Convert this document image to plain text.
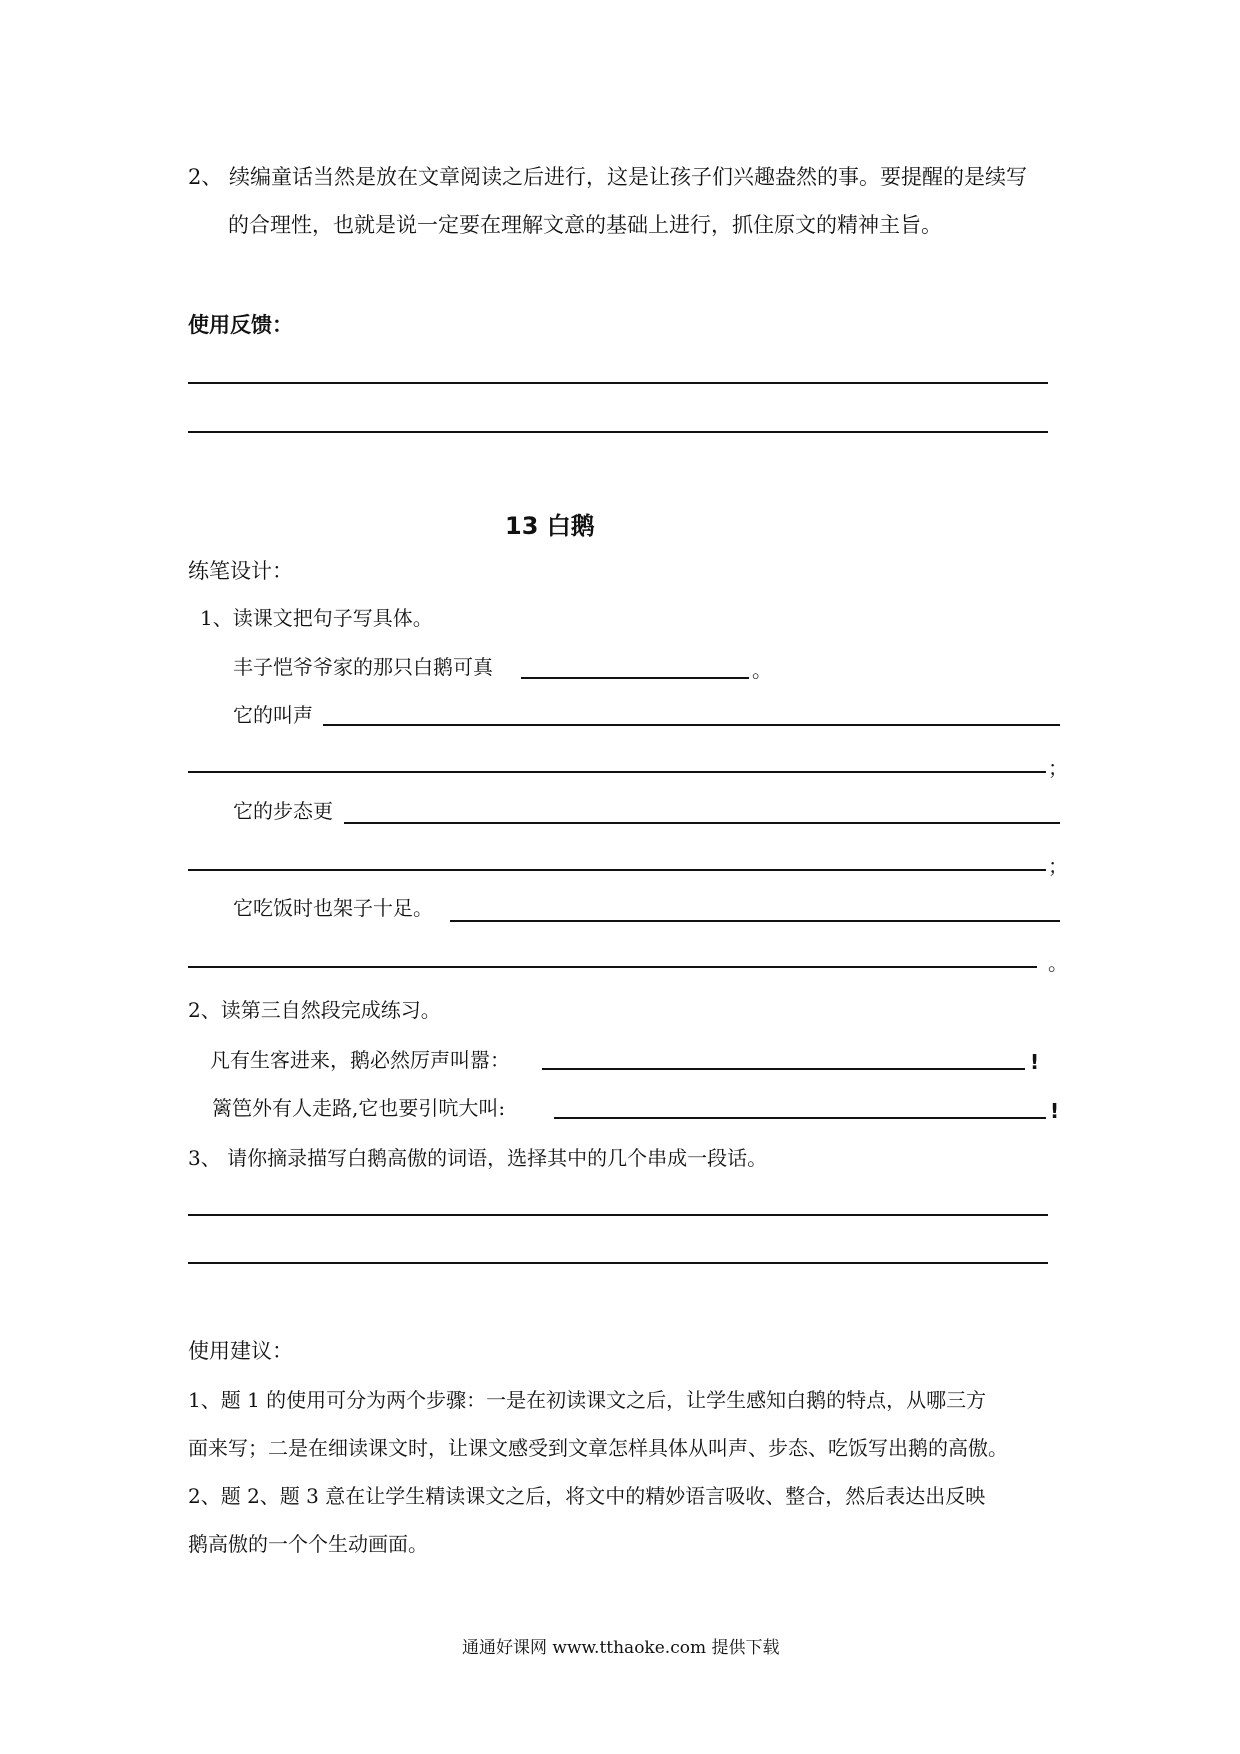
2、 续编童话当然是放在文章阅读之后进行，这是让孩子们兴趣盎然的事。要提醒的是续写
的合理性，也就是说一定要在理解文意的基础上进行，抓住原文的精神主旨。
使用反馈：
13 白鹅
练笔设计：
1、读课文把句子写具体。
丰子恺爷爷家的那只白鹅可真	。
它的叫声
；
它的步态更
；
它吃饭时也架子十足。
。
2、读第三自然段完成练习。
凡有生客进来，鹅必然厉声叫嚣：	!
篱笆外有人走路,它也要引吭大叫:	!
3、 请你摘录描写白鹅高傲的词语，选择其中的几个串成一段话。
使用建议：
1、题 1 的使用可分为两个步骤：一是在初读课文之后，让学生感知白鹅的特点，从哪三方
面来写；二是在细读课文时，让课文感受到文章怎样具体从叫声、步态、吃饭写出鹅的高傲。
2、题 2、题 3 意在让学生精读课文之后，将文中的精妙语言吸收、整合，然后表达出反映
鹅高傲的一个个生动画面。
通通好课网 www.tthaoke.com 提供下载
